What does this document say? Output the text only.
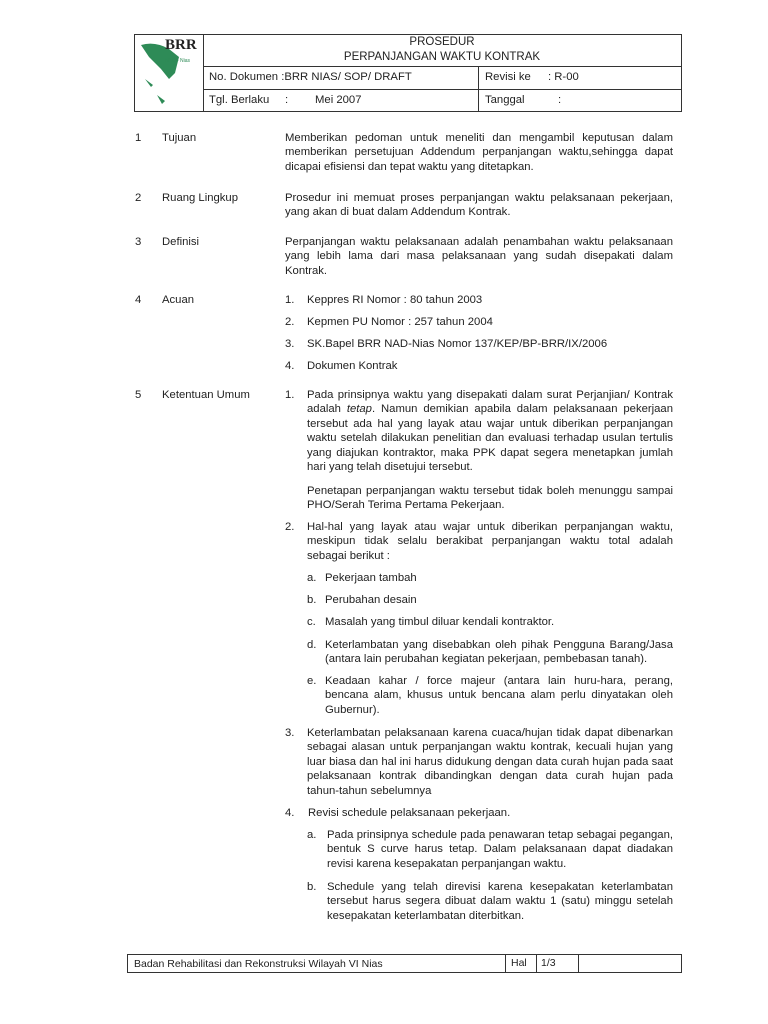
BRR
NAD - Nias
PROSEDUR
PERPANJANGAN WAKTU KONTRAK
No. Dokumen :BRR NIAS/ SOP/ DRAFT	Revisi ke : R-00
Tgl. Berlaku : Mei 2007	Tanggal	:
1 Tujuan	Memberikan pedoman untuk meneliti dan mengambil keputusan dalam memberikan persetujuan Addendum perpanjangan waktu,sehingga dapat dicapai efisiensi dan tepat waktu yang ditetapkan.
2 Ruang Lingkup	Prosedur ini memuat proses perpanjangan waktu pelaksanaan pekerjaan, yang akan di buat dalam Addendum Kontrak.
3 Definisi	Perpanjangan waktu pelaksanaan adalah penambahan waktu pelaksanaan yang lebih lama dari masa pelaksanaan yang sudah disepakati dalam Kontrak.
4 Acuan	1. Keppres RI Nomor : 80 tahun 2003
2. Kepmen PU Nomor : 257 tahun 2004
3. SK.Bapel BRR NAD-Nias Nomor 137/KEP/BP-BRR/IX/2006
4. Dokumen Kontrak
5 Ketentuan Umum	1. Pada prinsipnya waktu yang disepakati dalam surat Perjanjian/ Kontrak adalah tetap. Namun demikian apabila dalam pelaksanaan pekerjaan tersebut ada hal yang layak atau wajar untuk diberikan perpanjangan waktu setelah dilakukan penelitian dan evaluasi terhadap usulan tertulis yang diajukan kontraktor, maka PPK dapat segera menetapkan jumlah hari yang telah disetujui tersebut.
Penetapan perpanjangan waktu tersebut tidak boleh menunggu sampai PHO/Serah Terima Pertama Pekerjaan.
2. Hal-hal yang layak atau wajar untuk diberikan perpanjangan waktu, meskipun tidak selalu berakibat perpanjangan waktu total adalah sebagai berikut :
a. Pekerjaan tambah
b. Perubahan desain
c. Masalah yang timbul diluar kendali kontraktor.
d. Keterlambatan yang disebabkan oleh pihak Pengguna Barang/Jasa (antara lain perubahan kegiatan pekerjaan, pembebasan tanah).
e. Keadaan kahar / force majeur (antara lain huru-hara, perang, bencana alam, khusus untuk bencana alam perlu dinyatakan oleh Gubernur).
3. Keterlambatan pelaksanaan karena cuaca/hujan tidak dapat dibenarkan sebagai alasan untuk perpanjangan waktu kontrak, kecuali hujan yang luar biasa dan hal ini harus didukung dengan data curah hujan pada saat pelaksanaan kontrak dibandingkan dengan data curah hujan pada tahun-tahun sebelumnya
4. Revisi schedule pelaksanaan pekerjaan.
a. Pada prinsipnya schedule pada penawaran tetap sebagai pegangan, bentuk S curve harus tetap. Dalam pelaksanaan dapat diadakan revisi karena kesepakatan perpanjangan waktu.
b. Schedule yang telah direvisi karena kesepakatan keterlambatan tersebut harus segera dibuat dalam waktu 1 (satu) minggu setelah kesepakatan keterlambatan diterbitkan.
Badan Rehabilitasi dan Rekonstruksi Wilayah VI Nias	Hal 1/3
